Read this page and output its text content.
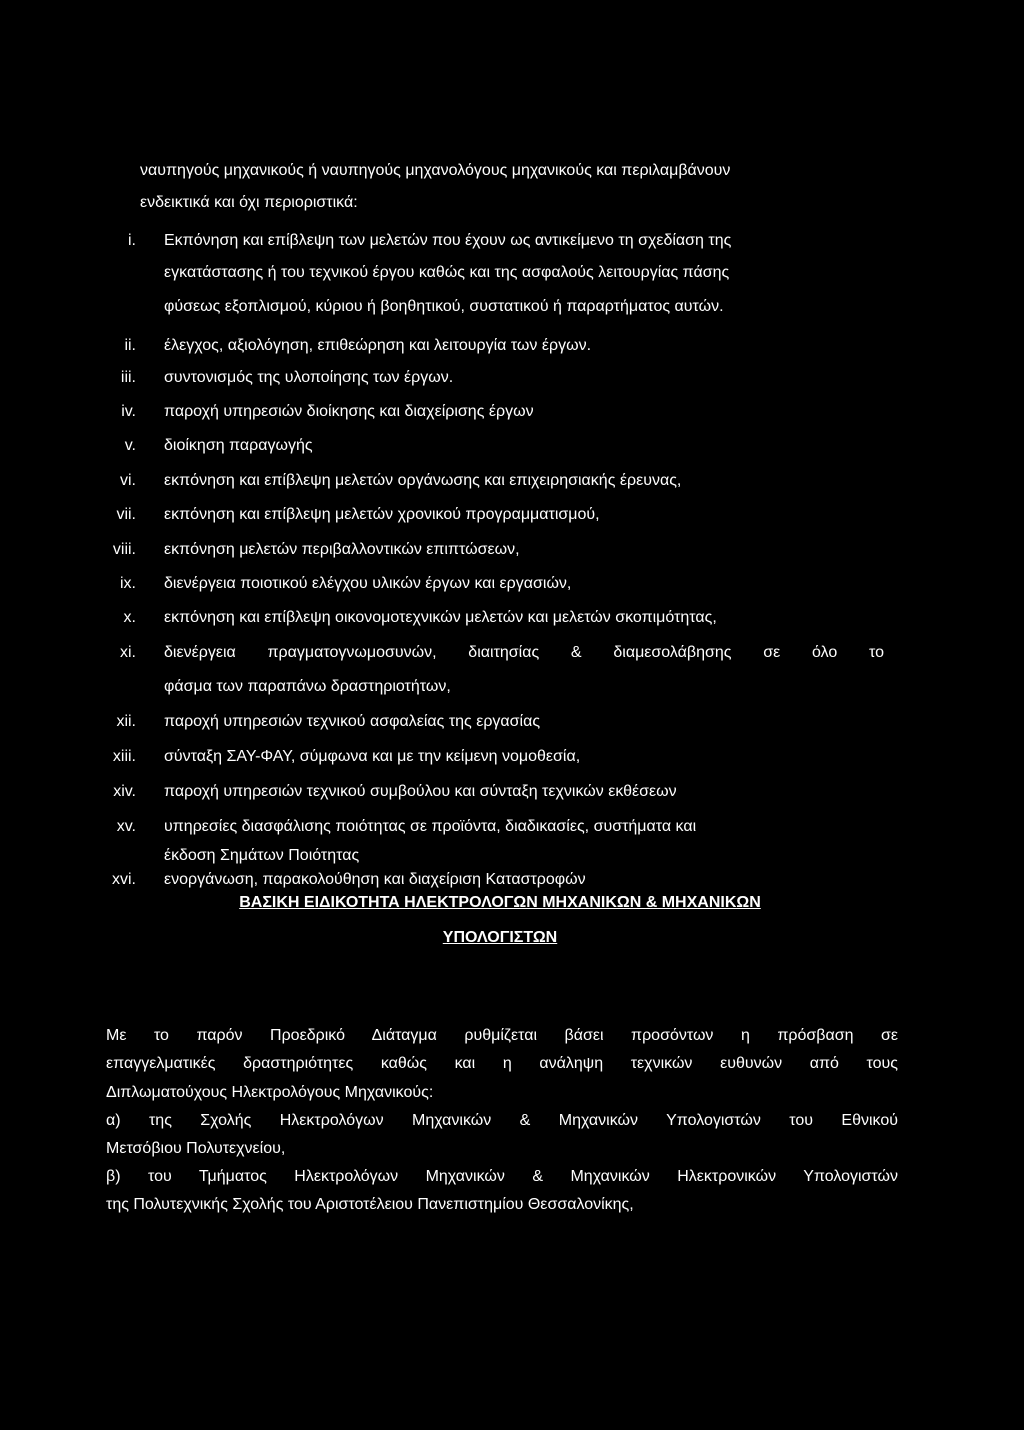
ναυπηγούς μηχανικούς ή ναυπηγούς μηχανολόγους μηχανικούς και περιλαμβάνουν
ενδεικτικά και όχι περιοριστικά:
i. Εκπόνηση και επίβλεψη των μελετών που έχουν ως αντικείμενο τη σχεδίαση της
εγκατάστασης ή του τεχνικού έργου καθώς και της ασφαλούς λειτουργίας πάσης
φύσεως εξοπλισμού, κύριου ή βοηθητικού, συστατικού ή παραρτήματος αυτών.
ii. έλεγχος, αξιολόγηση, επιθεώρηση και λειτουργία των έργων.
iii. συντονισμός της υλοποίησης των έργων.
iv. παροχή υπηρεσιών διοίκησης και διαχείρισης έργων
v. διοίκηση παραγωγής
vi. εκπόνηση και επίβλεψη μελετών οργάνωσης και επιχειρησιακής έρευνας,
vii. εκπόνηση και επίβλεψη μελετών χρονικού προγραμματισμού,
viii. εκπόνηση μελετών περιβαλλοντικών επιπτώσεων,
ix. διενέργεια ποιοτικού ελέγχου υλικών έργων και εργασιών,
x. εκπόνηση και επίβλεψη οικονομοτεχνικών μελετών και μελετών σκοπιμότητας,
xi. διενέργεια πραγματογνωμοσυνών, διαιτησίας & διαμεσολάβησης σε όλο το
φάσμα των παραπάνω δραστηριοτήτων,
xii. παροχή υπηρεσιών τεχνικού ασφαλείας της εργασίας
xiii. σύνταξη ΣΑΥ-ΦΑΥ, σύμφωνα και με την κείμενη νομοθεσία,
xiv. παροχή υπηρεσιών τεχνικού συμβούλου και σύνταξη τεχνικών εκθέσεων
xv. υπηρεσίες διασφάλισης ποιότητας σε προϊόντα, διαδικασίες, συστήματα και
έκδοση Σημάτων Ποιότητας
xvi. ενοργάνωση, παρακολούθηση και διαχείριση Καταστροφών
ΒΑΣΙΚΗ ΕΙΔΙΚΟΤΗΤΑ ΗΛΕΚΤΡΟΛΟΓΩΝ ΜΗΧΑΝΙΚΩΝ & ΜΗΧΑΝΙΚΩΝ
ΥΠΟΛΟΓΙΣΤΩΝ
Με το παρόν Προεδρικό Διάταγμα ρυθμίζεται βάσει προσόντων η πρόσβαση σε
επαγγελματικές δραστηριότητες καθώς και η ανάληψη τεχνικών ευθυνών από τους
Διπλωματούχους Ηλεκτρολόγους Μηχανικούς:
α) της Σχολής Ηλεκτρολόγων Μηχανικών & Μηχανικών Υπολογιστών του Εθνικού
Μετσόβιου Πολυτεχνείου,
β) του Τμήματος Ηλεκτρολόγων Μηχανικών & Μηχανικών Ηλεκτρονικών Υπολογιστών
της Πολυτεχνικής Σχολής του Αριστοτέλειου Πανεπιστημίου Θεσσαλονίκης,
